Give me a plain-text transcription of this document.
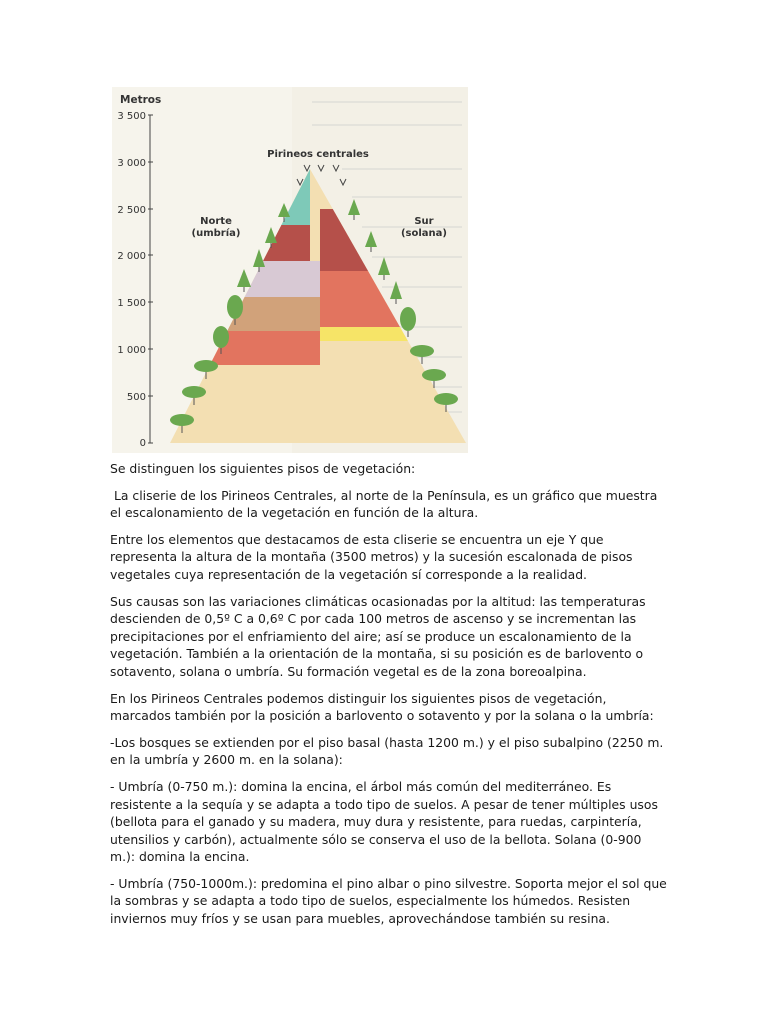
Metros
3 500
3 000
2 500
2 000
1 500
1 000
500
0
Pirineos centrales
Norte
(umbría)
Sur
(solana)

Se distinguen los siguientes pisos de vegetación:

La cliserie de los Pirineos Centrales, al norte de la Península, es un gráfico que muestra el escalonamiento de la vegetación en función de la altura.

Entre los elementos que destacamos de esta cliserie se encuentra un eje Y que representa la altura de la montaña (3500 metros) y la sucesión escalonada de pisos vegetales cuya representación de la vegetación sí corresponde a la realidad.

Sus causas son las variaciones climáticas ocasionadas por la altitud: las temperaturas descienden de 0,5º C a 0,6º C por cada 100 metros de ascenso y se incrementan las precipitaciones por el enfriamiento del aire; así se produce un escalonamiento de la vegetación. También a la orientación de la montaña, si su posición es de barlovento o sotavento, solana o umbría. Su formación vegetal es de la zona boreoalpina.

En los Pirineos Centrales podemos distinguir los siguientes pisos de vegetación, marcados también por la posición a barlovento o sotavento y por la solana o la umbría:

-Los bosques se extienden por el piso basal (hasta 1200 m.) y el piso subalpino (2250 m. en la umbría y 2600 m. en la solana):

- Umbría (0-750 m.): domina la encina, el árbol más común del mediterráneo. Es resistente a la sequía y se adapta a todo tipo de suelos. A pesar de tener múltiples usos (bellota para el ganado y su madera, muy dura y resistente, para ruedas, carpintería, utensilios y carbón), actualmente sólo se conserva el uso de la bellota. Solana (0-900 m.): domina la encina.

- Umbría (750-1000m.): predomina el pino albar o pino silvestre. Soporta mejor el sol que la sombras y se adapta a todo tipo de suelos, especialmente los húmedos. Resisten inviernos muy fríos y se usan para muebles, aprovechándose también su resina.
